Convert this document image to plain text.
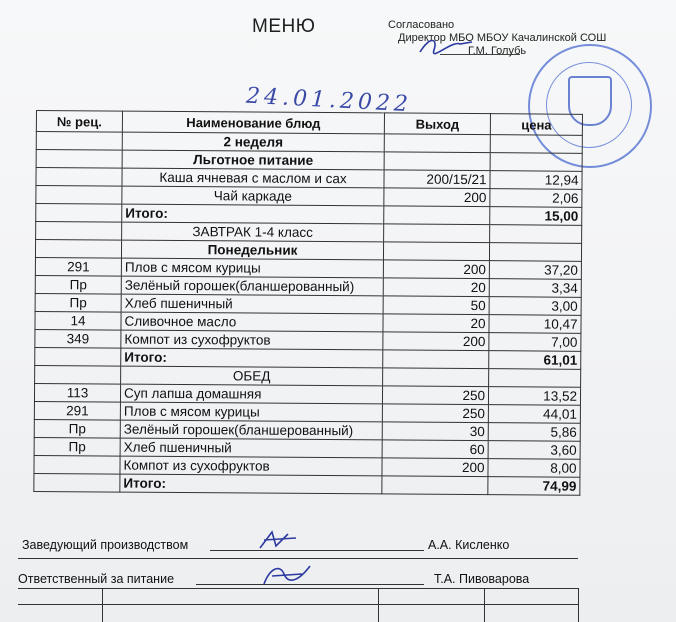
МЕНЮ	Согласовано
Директор МБО МБОУ Качалинской СОШ
Г.М. Голубь
24.01.2022
№ рец.	Наименование блюд	Выход	цена
	2 неделя		
	Льготное питание		
	Каша ячневая с маслом и сах	200/15/21	12,94
	Чай каркаде	200	2,06
	Итого:		15,00
	ЗАВТРАК 1-4 класс		
	Понедельник		
291	Плов с мясом курицы	200	37,20
Пр	Зелёный горошек(бланшерованный)	20	3,34
Пр	Хлеб пшеничный	50	3,00
14	Сливочное масло	20	10,47
349	Компот из сухофруктов	200	7,00
	Итого:		61,01
	ОБЕД		
113	Суп лапша домашняя	250	13,52
291	Плов с мясом курицы	250	44,01
Пр	Зелёный горошек(бланшерованный)	30	5,86
Пр	Хлеб пшеничный	60	3,60
	Компот из сухофруктов	200	8,00
	Итого:		74,99
Заведующий производством	А.А. Кисленко
Ответственный за питание	Т.А. Пивоварова
